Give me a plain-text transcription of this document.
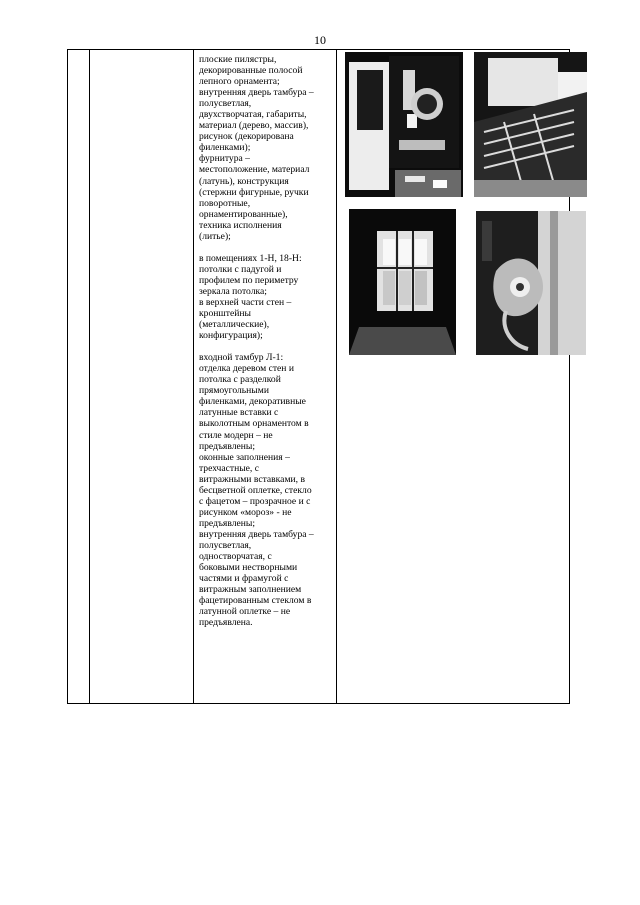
10

плоские пилястры,

декорированные полосой

лепного орнамента;

внутренняя дверь тамбура –

полусветлая,

двухстворчатая, габариты,

материал (дерево, массив),

рисунок (декорирована

филенками);

фурнитура –

местоположение, материал

(латунь), конструкция

(стержни фигурные, ручки

поворотные,

орнаментированные),

техника исполнения

(литье);

в помещениях 1-Н, 18-Н:

потолки с падугой и

профилем по периметру

зеркала потолка;

в верхней части стен –

кронштейны

(металлические),

конфигурация);

входной тамбур Л-1:

отделка деревом стен и

потолка с разделкой

прямоугольными

филенками, декоративные

латунные вставки с

выколотным орнаментом в

стиле модерн – не

предъявлены;

оконные заполнения –

трехчастные, с

витражными вставками, в

бесцветной оплетке, стекло

с фацетом – прозрачное и с

рисунком «мороз» - не

предъявлены;

внутренняя дверь тамбура –

полусветлая,

одностворчатая, с

боковыми нестворными

частями и фрамугой с

витражным заполнением

фацетированным стеклом в

латунной оплетке – не

предъявлена.
